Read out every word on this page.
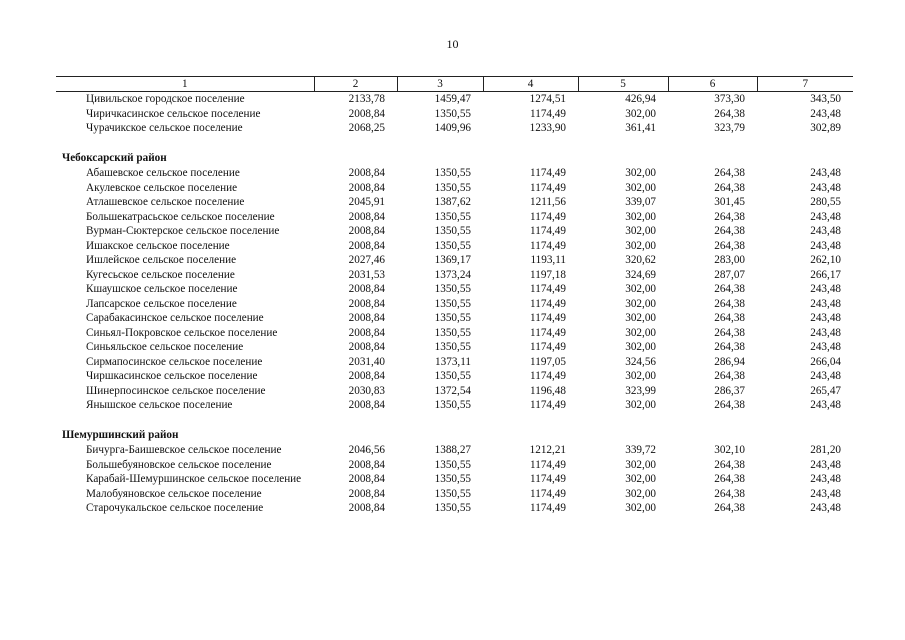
10
1	2	3	4	5	6	7
Цивильское городское поселение	2133,78	1459,47	1274,51	426,94	373,30	343,50
Чиричкасинское сельское поселение	2008,84	1350,55	1174,49	302,00	264,38	243,48
Чурачикское сельское поселение	2068,25	1409,96	1233,90	361,41	323,79	302,89
Чебоксарский район						
Абашевское сельское поселение	2008,84	1350,55	1174,49	302,00	264,38	243,48
Акулевское сельское поселение	2008,84	1350,55	1174,49	302,00	264,38	243,48
Атлашевское сельское поселение	2045,91	1387,62	1211,56	339,07	301,45	280,55
Большекатрасьское сельское поселение	2008,84	1350,55	1174,49	302,00	264,38	243,48
Вурман-Сюктерское сельское поселение	2008,84	1350,55	1174,49	302,00	264,38	243,48
Ишакское сельское поселение	2008,84	1350,55	1174,49	302,00	264,38	243,48
Ишлейское сельское поселение	2027,46	1369,17	1193,11	320,62	283,00	262,10
Кугесьское сельское поселение	2031,53	1373,24	1197,18	324,69	287,07	266,17
Кшаушское сельское поселение	2008,84	1350,55	1174,49	302,00	264,38	243,48
Лапсарское сельское поселение	2008,84	1350,55	1174,49	302,00	264,38	243,48
Сарабакасинское сельское поселение	2008,84	1350,55	1174,49	302,00	264,38	243,48
Синьял-Покровское сельское поселение	2008,84	1350,55	1174,49	302,00	264,38	243,48
Синьяльское сельское поселение	2008,84	1350,55	1174,49	302,00	264,38	243,48
Сирмапосинское сельское поселение	2031,40	1373,11	1197,05	324,56	286,94	266,04
Чиршкасинское сельское поселение	2008,84	1350,55	1174,49	302,00	264,38	243,48
Шинерпосинское сельское поселение	2030,83	1372,54	1196,48	323,99	286,37	265,47
Янышское сельское поселение	2008,84	1350,55	1174,49	302,00	264,38	243,48
Шемуршинский район						
Бичурга-Баишевское сельское поселение	2046,56	1388,27	1212,21	339,72	302,10	281,20
Большебуяновское сельское поселение	2008,84	1350,55	1174,49	302,00	264,38	243,48
Карабай-Шемуршинское сельское поселение	2008,84	1350,55	1174,49	302,00	264,38	243,48
Малобуяновское сельское поселение	2008,84	1350,55	1174,49	302,00	264,38	243,48
Старочукальское сельское поселение	2008,84	1350,55	1174,49	302,00	264,38	243,48
